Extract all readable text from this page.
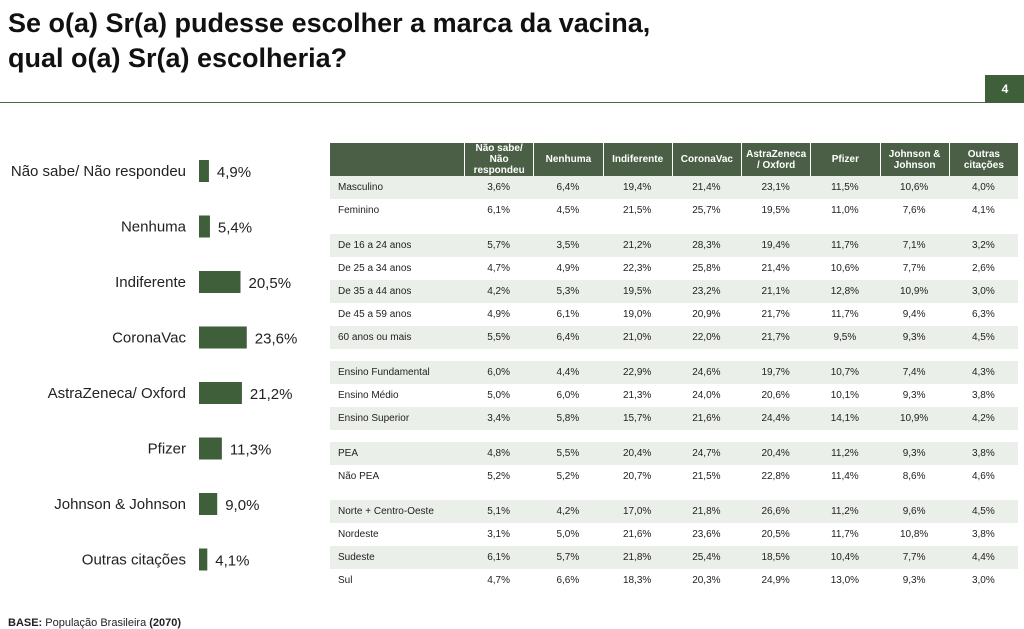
Se o(a) Sr(a) pudesse escolher a marca da vacina,
qual o(a) Sr(a) escolheria?
4
Não sabe/ Não respondeu 4,9%
Nenhuma 5,4%
Indiferente	20,5%
CoronaVac	23,6%
AstraZeneca/ Oxford	21,2%
Pfizer	11,3%
Johnson & Johnson	9,0%
Outras citações 4,1%
	Não sabe/ Não respondeu	Nenhuma	Indiferente	CoronaVac	AstraZeneca / Oxford	Pfizer	Johnson & Johnson	Outras citações
Masculino	3,6%	6,4%	19,4%	21,4%	23,1%	11,5%	10,6%	4,0%
Feminino	6,1%	4,5%	21,5%	25,7%	19,5%	11,0%	7,6%	4,1%

De 16 a 24 anos	5,7%	3,5%	21,2%	28,3%	19,4%	11,7%	7,1%	3,2%
De 25 a 34 anos	4,7%	4,9%	22,3%	25,8%	21,4%	10,6%	7,7%	2,6%
De 35 a 44 anos	4,2%	5,3%	19,5%	23,2%	21,1%	12,8%	10,9%	3,0%
De 45 a 59 anos	4,9%	6,1%	19,0%	20,9%	21,7%	11,7%	9,4%	6,3%
60 anos ou mais	5,5%	6,4%	21,0%	22,0%	21,7%	9,5%	9,3%	4,5%

Ensino Fundamental	6,0%	4,4%	22,9%	24,6%	19,7%	10,7%	7,4%	4,3%
Ensino Médio	5,0%	6,0%	21,3%	24,0%	20,6%	10,1%	9,3%	3,8%
Ensino Superior	3,4%	5,8%	15,7%	21,6%	24,4%	14,1%	10,9%	4,2%

PEA	4,8%	5,5%	20,4%	24,7%	20,4%	11,2%	9,3%	3,8%
Não PEA	5,2%	5,2%	20,7%	21,5%	22,8%	11,4%	8,6%	4,6%

Norte + Centro-Oeste	5,1%	4,2%	17,0%	21,8%	26,6%	11,2%	9,6%	4,5%
Nordeste	3,1%	5,0%	21,6%	23,6%	20,5%	11,7%	10,8%	3,8%
Sudeste	6,1%	5,7%	21,8%	25,4%	18,5%	10,4%	7,7%	4,4%
Sul	4,7%	6,6%	18,3%	20,3%	24,9%	13,0%	9,3%	3,0%
BASE: População Brasileira (2070)
